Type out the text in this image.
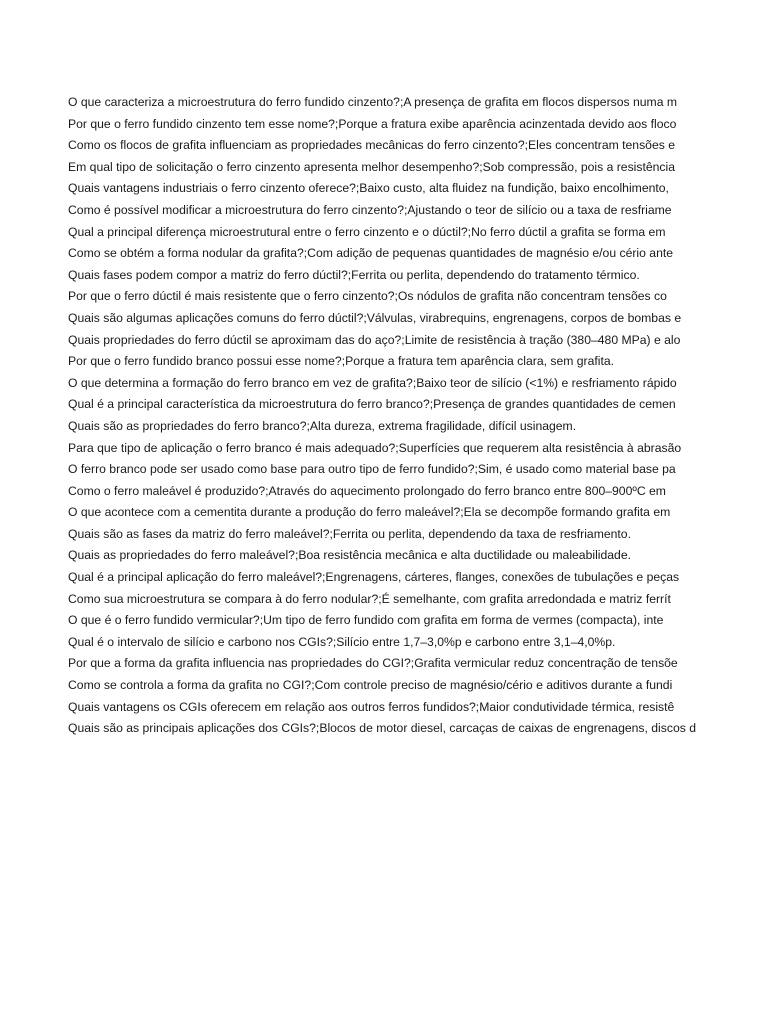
O que caracteriza a microestrutura do ferro fundido cinzento?;A presença de grafita em flocos dispersos numa m
Por que o ferro fundido cinzento tem esse nome?;Porque a fratura exibe aparência acinzentada devido aos floco
Como os flocos de grafita influenciam as propriedades mecânicas do ferro cinzento?;Eles concentram tensões e
Em qual tipo de solicitação o ferro cinzento apresenta melhor desempenho?;Sob compressão, pois a resistência
Quais vantagens industriais o ferro cinzento oferece?;Baixo custo, alta fluidez na fundição, baixo encolhimento,
Como é possível modificar a microestrutura do ferro cinzento?;Ajustando o teor de silício ou a taxa de resfriame
Qual a principal diferença microestrutural entre o ferro cinzento e o dúctil?;No ferro dúctil a grafita se forma em
Como se obtém a forma nodular da grafita?;Com adição de pequenas quantidades de magnésio e/ou cério ante
Quais fases podem compor a matriz do ferro dúctil?;Ferrita ou perlita, dependendo do tratamento térmico.
Por que o ferro dúctil é mais resistente que o ferro cinzento?;Os nódulos de grafita não concentram tensões co
Quais são algumas aplicações comuns do ferro dúctil?;Válvulas, virabrequins, engrenagens, corpos de bombas e
Quais propriedades do ferro dúctil se aproximam das do aço?;Limite de resistência à tração (380–480 MPa) e alo
Por que o ferro fundido branco possui esse nome?;Porque a fratura tem aparência clara, sem grafita.
O que determina a formação do ferro branco em vez de grafita?;Baixo teor de silício (<1%) e resfriamento rápido
Qual é a principal característica da microestrutura do ferro branco?;Presença de grandes quantidades de cemen
Quais são as propriedades do ferro branco?;Alta dureza, extrema fragilidade, difícil usinagem.
Para que tipo de aplicação o ferro branco é mais adequado?;Superfícies que requerem alta resistência à abrasão
O ferro branco pode ser usado como base para outro tipo de ferro fundido?;Sim, é usado como material base pa
Como o ferro maleável é produzido?;Através do aquecimento prolongado do ferro branco entre 800–900ºC em
O que acontece com a cementita durante a produção do ferro maleável?;Ela se decompõe formando grafita em
Quais são as fases da matriz do ferro maleável?;Ferrita ou perlita, dependendo da taxa de resfriamento.
Quais as propriedades do ferro maleável?;Boa resistência mecânica e alta ductilidade ou maleabilidade.
Qual é a principal aplicação do ferro maleável?;Engrenagens, cárteres, flanges, conexões de tubulações e peças
Como sua microestrutura se compara à do ferro nodular?;É semelhante, com grafita arredondada e matriz ferrít
O que é o ferro fundido vermicular?;Um tipo de ferro fundido com grafita em forma de vermes (compacta), inte
Qual é o intervalo de silício e carbono nos CGIs?;Silício entre 1,7–3,0%p e carbono entre 3,1–4,0%p.
Por que a forma da grafita influencia nas propriedades do CGI?;Grafita vermicular reduz concentração de tensõe
Como se controla a forma da grafita no CGI?;Com controle preciso de magnésio/cério e aditivos durante a fundi
Quais vantagens os CGIs oferecem em relação aos outros ferros fundidos?;Maior condutividade térmica, resistê
Quais são as principais aplicações dos CGIs?;Blocos de motor diesel, carcaças de caixas de engrenagens, discos d
